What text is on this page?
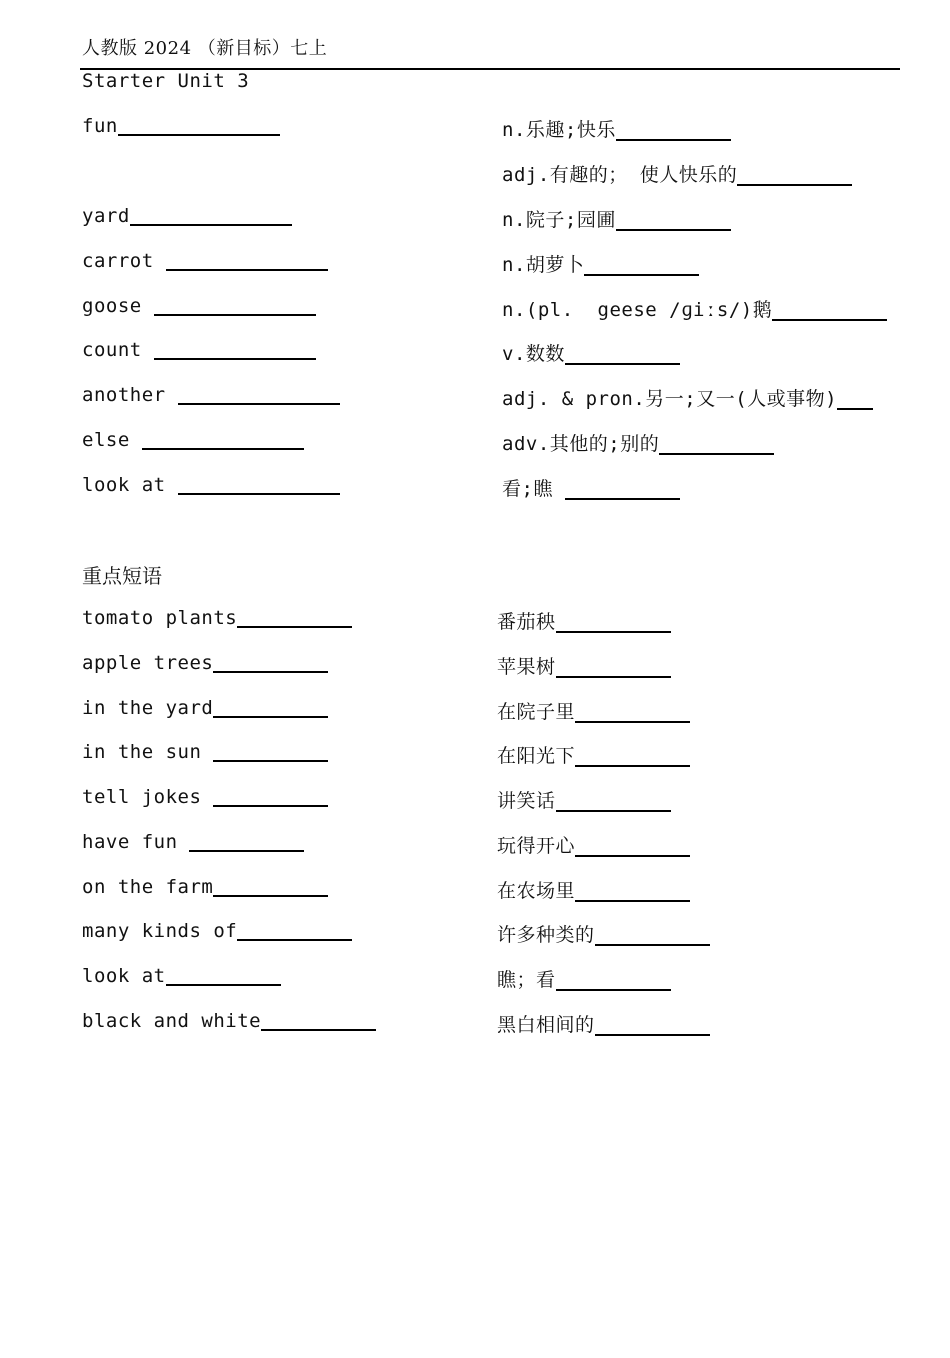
人教版 2024 （新目标）七上
Starter Unit 3
fun	n.乐趣;快乐
adj.有趣的； 使人快乐的
yard	n.院子;园圃
carrot	n.胡萝卜
goose	n.(pl.  geese /ɡiːs/)鹅
count	v.数数
another	adj. & pron.另一;又一(人或事物)
else	adv.其他的;别的
look at	看;瞧
重点短语
tomato plants	番茄秧
apple trees	苹果树
in the yard	在院子里
in the sun	在阳光下
tell jokes	讲笑话
have fun	玩得开心
on the farm	在农场里
many kinds of	许多种类的
look at	瞧；看
black and white	黑白相间的
